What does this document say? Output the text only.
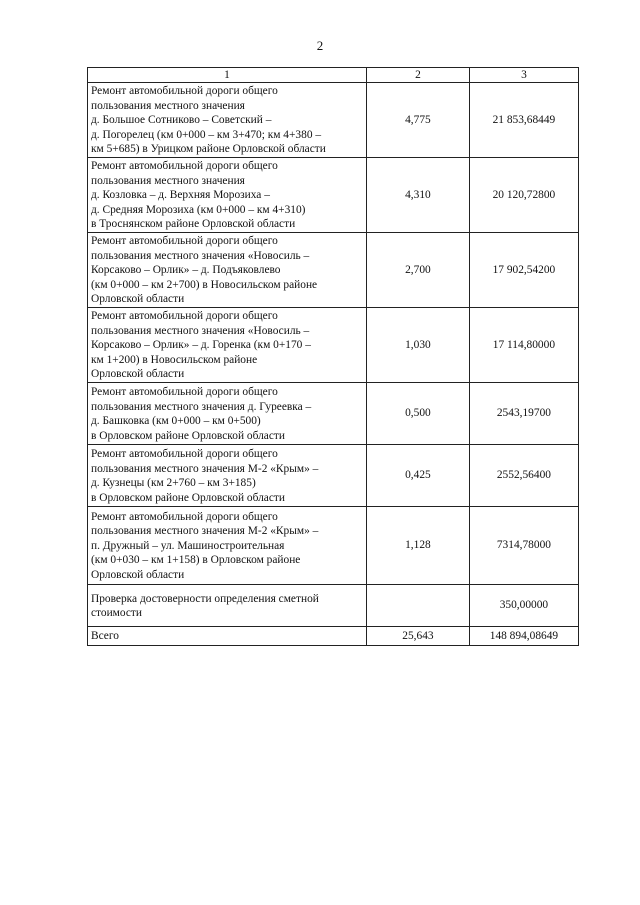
2
1	2	3

Ремонт автомобильной дороги общего
пользования местного значения
д. Большое Сотниково – Советский –
д. Погорелец (км 0+000 – км 3+470; км 4+380 –
км 5+685) в Урицком районе Орловской области	4,775	21 853,68449

Ремонт автомобильной дороги общего
пользования местного значения
д. Козловка – д. Верхняя Морозиха –
д. Средняя Морозиха (км 0+000 – км 4+310)
в Троснянском районе Орловской области	4,310	20 120,72800

Ремонт автомобильной дороги общего
пользования местного значения «Новосиль –
Корсаково – Орлик» – д. Подъяковлево
(км 0+000 – км 2+700) в Новосильском районе
Орловской области	2,700	17 902,54200

Ремонт автомобильной дороги общего
пользования местного значения «Новосиль –
Корсаково – Орлик» – д. Горенка (км 0+170 –
км 1+200) в Новосильском районе
Орловской области	1,030	17 114,80000

Ремонт автомобильной дороги общего
пользования местного значения д. Гуреевка –
д. Башковка (км 0+000 – км 0+500)
в Орловском районе Орловской области	0,500	2543,19700

Ремонт автомобильной дороги общего
пользования местного значения М-2 «Крым» –
д. Кузнецы (км 2+760 – км 3+185)
в Орловском районе Орловской области	0,425	2552,56400

Ремонт автомобильной дороги общего
пользования местного значения М-2 «Крым» –
п. Дружный – ул. Машиностроительная
(км 0+030 – км 1+158) в Орловском районе
Орловской области	1,128	7314,78000

Проверка достоверности определения сметной
стоимости		350,00000
Всего	25,643	148 894,08649
